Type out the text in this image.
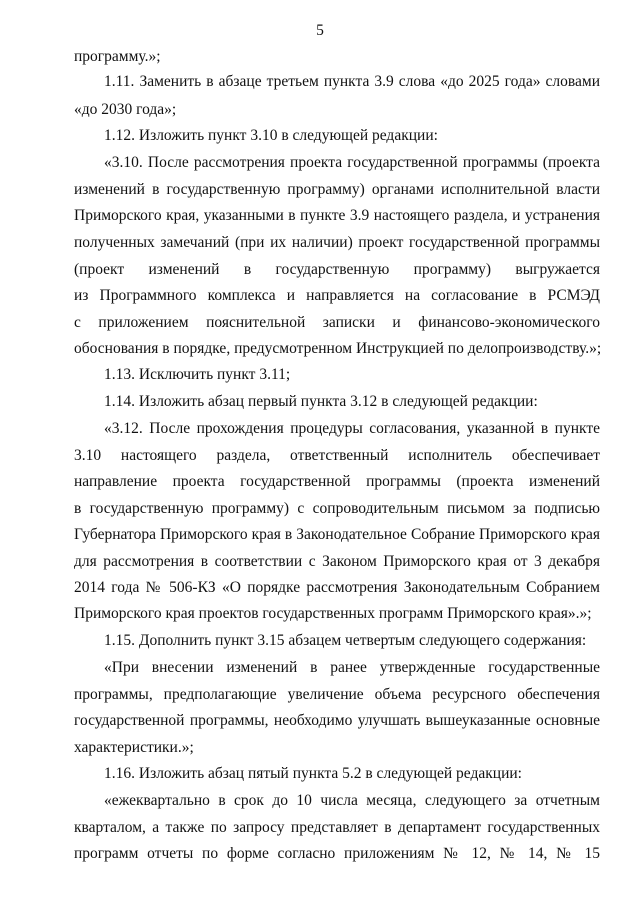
5
программу.»;
1.11. Заменить в абзаце третьем пункта 3.9 слова «до 2025 года» словами
«до 2030 года»;
1.12. Изложить пункт 3.10 в следующей редакции:
«3.10. После рассмотрения проекта государственной программы (проекта
изменений в государственную программу) органами исполнительной власти
Приморского края, указанными в пункте 3.9 настоящего раздела, и устранения
полученных замечаний (при их наличии) проект государственной программы
(проект изменений в государственную программу) выгружается
из Программного комплекса и направляется на согласование в РСМЭД
с приложением пояснительной записки и финансово-экономического
обоснования в порядке, предусмотренном Инструкцией по делопроизводству.»;
1.13. Исключить пункт 3.11;
1.14. Изложить абзац первый пункта 3.12 в следующей редакции:
«3.12. После прохождения процедуры согласования, указанной в пункте
3.10 настоящего раздела, ответственный исполнитель обеспечивает
направление проекта государственной программы (проекта изменений
в государственную программу) с сопроводительным письмом за подписью
Губернатора Приморского края в Законодательное Собрание Приморского края
для рассмотрения в соответствии с Законом Приморского края от 3 декабря
2014 года № 506-КЗ «О порядке рассмотрения Законодательным Собранием
Приморского края проектов государственных программ Приморского края».»;
1.15. Дополнить пункт 3.15 абзацем четвертым следующего содержания:
«При внесении изменений в ранее утвержденные государственные
программы, предполагающие увеличение объема ресурсного обеспечения
государственной программы, необходимо улучшать вышеуказанные основные
характеристики.»;
1.16. Изложить абзац пятый пункта 5.2 в следующей редакции:
«ежеквартально в срок до 10 числа месяца, следующего за отчетным
кварталом, а также по запросу представляет в департамент государственных
программ отчеты по форме согласно приложениям № 12, № 14, № 15
